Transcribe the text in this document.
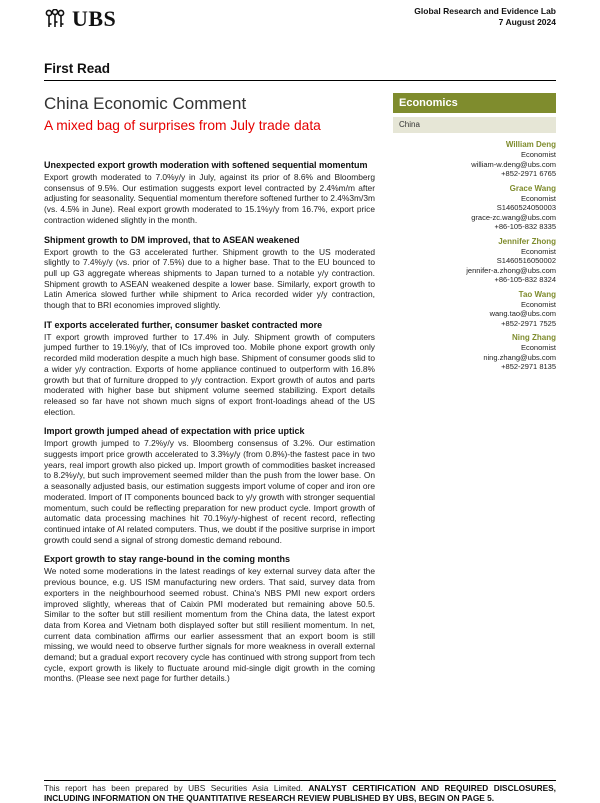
UBS	Global Research and Evidence Lab
7 August 2024
First Read
China Economic Comment
A mixed bag of surprises from July trade data
Economics
China
William Deng
Economist
william-w.deng@ubs.com
+852-2971 6765
Grace Wang
Economist
S1460524050003
grace-zc.wang@ubs.com
+86-105-832 8335
Jennifer Zhong
Economist
S1460516050002
jennifer-a.zhong@ubs.com
+86-105-832 8324
Tao Wang
Economist
wang.tao@ubs.com
+852-2971 7525
Ning Zhang
Economist
ning.zhang@ubs.com
+852-2971 8135
Unexpected export growth moderation with softened sequential momentum

Export growth moderated to 7.0%y/y in July, against its prior of 8.6% and Bloomberg consensus of 9.5%. Our estimation suggests export level contracted by 2.4%m/m after adjusting for seasonality. Sequential momentum therefore softened further to 2.4%3m/3m (vs. 4.5% in June). Real export growth moderated to 15.1%y/y from 16.7%, export price contraction widened slightly in the month.

Shipment growth to DM improved, that to ASEAN weakened

Export growth to the G3 accelerated further. Shipment growth to the US moderated slightly to 7.4%y/y (vs. prior of 7.5%) due to a higher base. That to the EU bounced to pull up G3 aggregate whereas shipments to Japan turned to a notable y/y contraction. Shipment growth to ASEAN weakened despite a lower base. Similarly, export growth to Latin America slowed further while shipment to Arica recorded wider y/y contraction, though that to BRI economies improved slightly.

IT exports accelerated further, consumer basket contracted more

IT export growth improved further to 17.4% in July. Shipment growth of computers jumped further to 19.1%y/y, that of ICs improved too. Mobile phone export growth only recorded mild moderation despite a much high base. Shipment of consumer goods slid to a wider y/y contraction. Exports of home appliance continued to outperform with 16.8% growth but that of furniture dropped to y/y contraction. Export growth of autos and parts moderated with higher base but shipment volume seemed stabilizing. Export details released so far have not shown much signs of export front-loadings ahead of the US election.

Import growth jumped ahead of expectation with price uptick

Import growth jumped to 7.2%y/y vs. Bloomberg consensus of 3.2%. Our estimation suggests import price growth accelerated to 3.3%y/y (from 0.8%)-the fastest pace in two years, real import growth also picked up. Import growth of commodities basket increased to 8.2%y/y, but such improvement seemed milder than the push from the lower base. On a seasonally adjusted basis, our estimation suggests import volume of coper and iron ore moderated. Import of IT components bounced back to y/y growth with stronger sequential momentum, such could be reflecting preparation for new product cycle. Import growth of automatic data processing machines hit 70.1%y/y-highest of recent record, reflecting continued intake of AI related computers. Thus, we doubt if the positive surprise in import growth could send a signal of strong domestic demand rebound.

Export growth to stay range-bound in the coming months

We noted some moderations in the latest readings of key external survey data after the previous bounce, e.g. US ISM manufacturing new orders. That said, survey data from exporters in the neighbourhood seemed robust. China's NBS PMI new export orders improved slightly, whereas that of Caixin PMI moderated but remaining above 50.5. Similar to the softer but still resilient momentum from the China data, the latest export data from Korea and Vietnam both displayed softer but still resilient momentum. In net, current data combination affirms our earlier assessment that an export boom is still missing, we would need to observe further signals for more weakness in overall external demand; but a gradual export recovery cycle has continued with strong support from tech cycle, export growth is likely to fluctuate around mid-single digit growth in the coming months. (Please see next page for further details.)

This report has been prepared by UBS Securities Asia Limited. ANALYST CERTIFICATION AND REQUIRED DISCLOSURES, INCLUDING INFORMATION ON THE QUANTITATIVE RESEARCH REVIEW PUBLISHED BY UBS, BEGIN ON PAGE 5.
